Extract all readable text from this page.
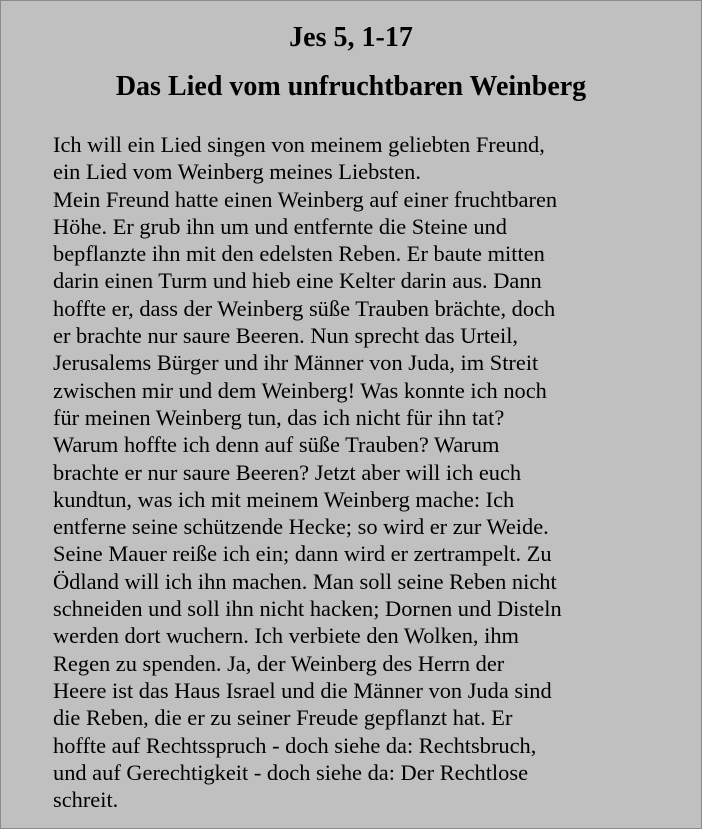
Jes 5, 1-17
Das Lied vom unfruchtbaren Weinberg
Ich will ein Lied singen von meinem geliebten Freund,
ein Lied vom Weinberg meines Liebsten.
Mein Freund hatte einen Weinberg auf einer fruchtbaren
Höhe. Er grub ihn um und entfernte die Steine und
bepflanzte ihn mit den edelsten Reben. Er baute mitten
darin einen Turm und hieb eine Kelter darin aus. Dann
hoffte er, dass der Weinberg süße Trauben brächte, doch
er brachte nur saure Beeren. Nun sprecht das Urteil,
Jerusalems Bürger und ihr Männer von Juda, im Streit
zwischen mir und dem Weinberg! Was konnte ich noch
für meinen Weinberg tun, das ich nicht für ihn tat?
Warum hoffte ich denn auf süße Trauben? Warum
brachte er nur saure Beeren? Jetzt aber will ich euch
kundtun, was ich mit meinem Weinberg mache: Ich
entferne seine schützende Hecke; so wird er zur Weide.
Seine Mauer reiße ich ein; dann wird er zertrampelt. Zu
Ödland will ich ihn machen. Man soll seine Reben nicht
schneiden und soll ihn nicht hacken; Dornen und Disteln
werden dort wuchern. Ich verbiete den Wolken, ihm
Regen zu spenden. Ja, der Weinberg des Herrn der
Heere ist das Haus Israel und die Männer von Juda sind
die Reben, die er zu seiner Freude gepflanzt hat. Er
hoffte auf Rechtsspruch - doch siehe da: Rechtsbruch,
und auf Gerechtigkeit - doch siehe da: Der Rechtlose
schreit.
